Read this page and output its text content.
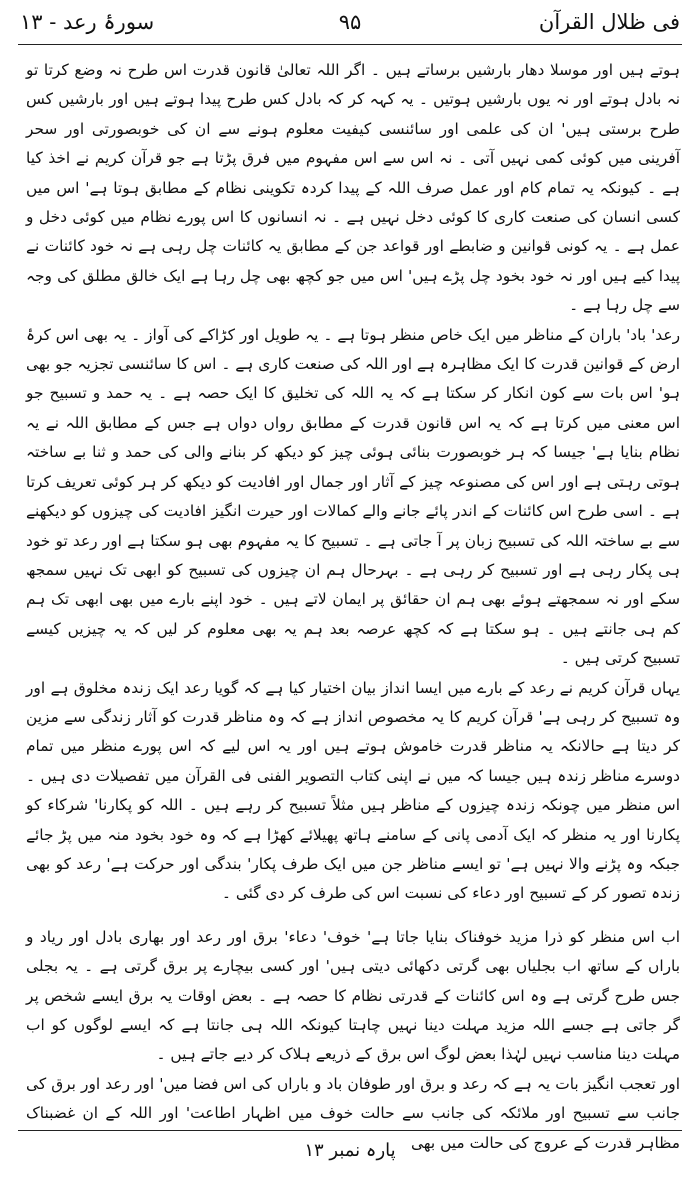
فی ظلال القرآن
۹۵
سورۂ رعد - ۱۳

ہوتے ہیں اور موسلا دھار بارشیں برساتے ہیں ۔ اگر اللہ تعالیٰ قانون قدرت اس طرح نہ وضع کرتا تو نہ بادل ہوتے اور نہ یوں بارشیں ہوتیں ۔ یہ کہہ کر کہ بادل کس طرح پیدا ہوتے ہیں اور بارشیں کس طرح برستی ہیں' ان کی علمی اور سائنسی کیفیت معلوم ہونے سے ان کی خوبصورتی اور سحر آفرینی میں کوئی کمی نہیں آتی ۔ نہ اس سے اس مفہوم میں فرق پڑتا ہے جو قرآن کریم نے اخذ کیا ہے ۔ کیونکہ یہ تمام کام اور عمل صرف اللہ کے پیدا کردہ تکوینی نظام کے مطابق ہوتا ہے' اس میں کسی انسان کی صنعت کاری کا کوئی دخل نہیں ہے ۔ نہ انسانوں کا اس پورے نظام میں کوئی دخل و عمل ہے ۔ یہ کونی قوانین و ضابطے اور قواعد جن کے مطابق یہ کائنات چل رہی ہے نہ خود کائنات نے پیدا کیے ہیں اور نہ خود بخود چل پڑے ہیں' اس میں جو کچھ بھی چل رہا ہے ایک خالق مطلق کی وجہ سے چل رہا ہے ۔

رعد' باد' باران کے مناظر میں ایک خاص منظر ہوتا ہے ۔ یہ طویل اور کڑاکے کی آواز ۔ یہ بھی اس کرۂ ارض کے قوانین قدرت کا ایک مظاہرہ ہے اور اللہ کی صنعت کاری ہے ۔ اس کا سائنسی تجزیہ جو بھی ہو' اس بات سے کون انکار کر سکتا ہے کہ یہ اللہ کی تخلیق کا ایک حصہ ہے ۔ یہ حمد و تسبیح جو اس معنی میں کرتا ہے کہ یہ اس قانون قدرت کے مطابق رواں دواں ہے جس کے مطابق اللہ نے یہ نظام بنایا ہے' جیسا کہ ہر خوبصورت بنائی ہوئی چیز کو دیکھ کر بنانے والی کی حمد و ثنا بے ساختہ ہوتی رہتی ہے اور اس کی مصنوعہ چیز کے آثار اور جمال اور افادیت کو دیکھ کر ہر کوئی تعریف کرتا ہے ۔ اسی طرح اس کائنات کے اندر پائے جانے والے کمالات اور حیرت انگیز افادیت کی چیزوں کو دیکھنے سے بے ساختہ اللہ کی تسبیح زبان پر آ جاتی ہے ۔ تسبیح کا یہ مفہوم بھی ہو سکتا ہے اور رعد تو خود ہی پکار رہی ہے اور تسبیح کر رہی ہے ۔ بہرحال ہم ان چیزوں کی تسبیح کو ابھی تک نہیں سمجھ سکے اور نہ سمجھتے ہوئے بھی ہم ان حقائق پر ایمان لاتے ہیں ۔ خود اپنے بارے میں بھی ابھی تک ہم کم ہی جانتے ہیں ۔ ہو سکتا ہے کہ کچھ عرصہ بعد ہم یہ بھی معلوم کر لیں کہ یہ چیزیں کیسے تسبیح کرتی ہیں ۔

یہاں قرآن کریم نے رعد کے بارے میں ایسا انداز بیان اختیار کیا ہے کہ گویا رعد ایک زندہ مخلوق ہے اور وہ تسبیح کر رہی ہے' قرآن کریم کا یہ مخصوص انداز ہے کہ وہ مناظر قدرت کو آثار زندگی سے مزین کر دیتا ہے حالانکہ یہ مناظر قدرت خاموش ہوتے ہیں اور یہ اس لیے کہ اس پورے منظر میں تمام دوسرے مناظر زندہ ہیں جیسا کہ میں نے اپنی کتاب التصویر الفنی فی القرآن میں تفصیلات دی ہیں ۔ اس منظر میں چونکہ زندہ چیزوں کے مناظر ہیں مثلاً تسبیح کر رہے ہیں ۔ اللہ کو پکارنا' شرکاء کو پکارنا اور یہ منظر کہ ایک آدمی پانی کے سامنے ہاتھ پھیلائے کھڑا ہے کہ وہ خود بخود منہ میں پڑ جائے جبکہ وہ پڑنے والا نہیں ہے' تو ایسے مناظر جن میں ایک طرف پکار' بندگی اور حرکت ہے' رعد کو بھی زندہ تصور کر کے تسبیح اور دعاء کی نسبت اس کی طرف کر دی گئی ۔

اب اس منظر کو ذرا مزید خوفناک بنایا جاتا ہے' خوف' دعاء' برق اور رعد اور بھاری بادل اور ریاد و باراں کے ساتھ اب بجلیاں بھی گرتی دکھائی دیتی ہیں' اور کسی بیچارے پر برق گرتی ہے ۔ یہ بجلی جس طرح گرتی ہے وہ اس کائنات کے قدرتی نظام کا حصہ ہے ۔ بعض اوقات یہ برق ایسے شخص پر گر جاتی ہے جسے اللہ مزید مہلت دینا نہیں چاہتا کیونکہ اللہ ہی جانتا ہے کہ ایسے لوگوں کو اب مہلت دینا مناسب نہیں لہٰذا بعض لوگ اس برق کے ذریعے ہلاک کر دیے جاتے ہیں ۔

اور تعجب انگیز بات یہ ہے کہ رعد و برق اور طوفان باد و باراں کی اس فضا میں' اور رعد اور برق کی جانب سے تسبیح اور ملائکہ کی جانب سے حالت خوف میں اظہار اطاعت' اور اللہ کے ان غضبناک مظاہر قدرت کے عروج کی حالت میں بھی

پارہ نمبر ۱۳
